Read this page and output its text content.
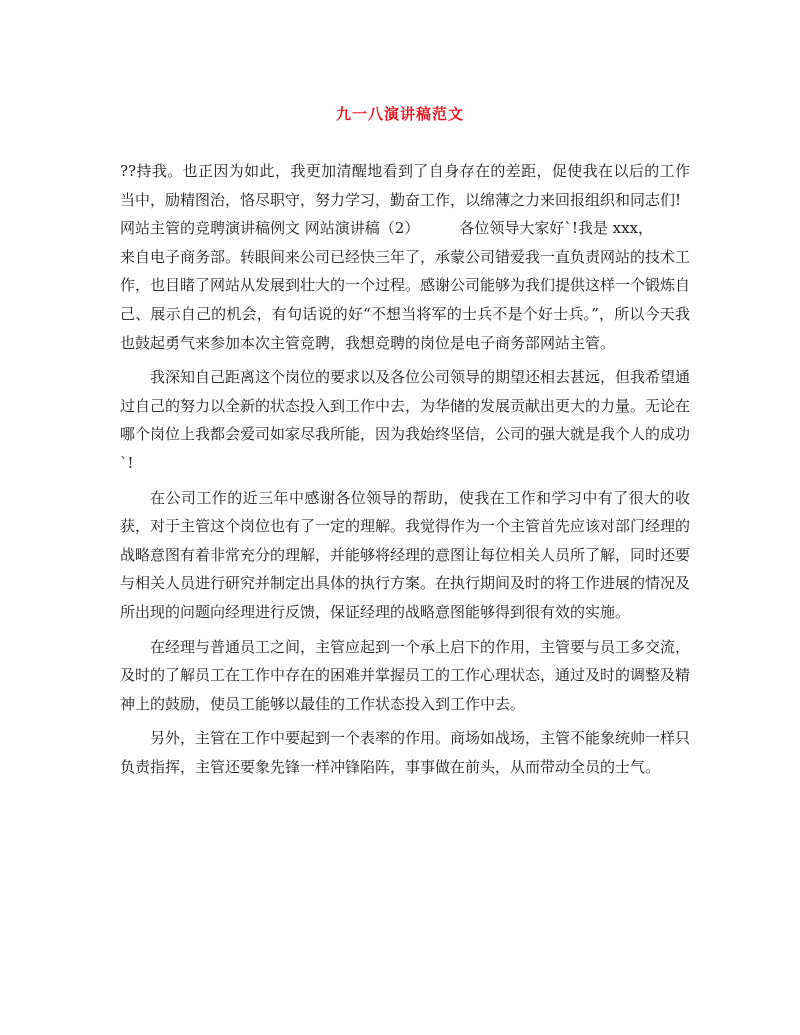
九一八演讲稿范文

??持我。也正因为如此，我更加清醒地看到了自身存在的差距，促使我在以后的工作当中，励精图治，恪尽职守，努力学习，勤奋工作，以绵薄之力来回报组织和同志们!

网站主管的竞聘演讲稿例文 网站演讲稿（2）	各位领导大家好`!我是 xxx，

来自电子商务部。转眼间来公司已经快三年了，承蒙公司错爱我一直负责网站的技术工作，也目睹了网站从发展到壮大的一个过程。感谢公司能够为我们提供这样一个锻炼自己、展示自己的机会，有句话说的好“不想当将军的士兵不是个好士兵。”，所以今天我也鼓起勇气来参加本次主管竞聘，我想竞聘的岗位是电子商务部网站主管。

我深知自己距离这个岗位的要求以及各位公司领导的期望还相去甚远，但我希望通过自己的努力以全新的状态投入到工作中去，为华储的发展贡献出更大的力量。无论在哪个岗位上我都会爱司如家尽我所能，因为我始终坚信，公司的强大就是我个人的成功`!

在公司工作的近三年中感谢各位领导的帮助，使我在工作和学习中有了很大的收获，对于主管这个岗位也有了一定的理解。我觉得作为一个主管首先应该对部门经理的战略意图有着非常充分的理解，并能够将经理的意图让每位相关人员所了解，同时还要与相关人员进行研究并制定出具体的执行方案。在执行期间及时的将工作进展的情况及所出现的问题向经理进行反馈，保证经理的战略意图能够得到很有效的实施。

在经理与普通员工之间，主管应起到一个承上启下的作用，主管要与员工多交流，及时的了解员工在工作中存在的困难并掌握员工的工作心理状态，通过及时的调整及精神上的鼓励，使员工能够以最佳的工作状态投入到工作中去。

另外，主管在工作中要起到一个表率的作用。商场如战场，主管不能象统帅一样只负责指挥，主管还要象先锋一样冲锋陷阵，事事做在前头，从而带动全员的士气。
